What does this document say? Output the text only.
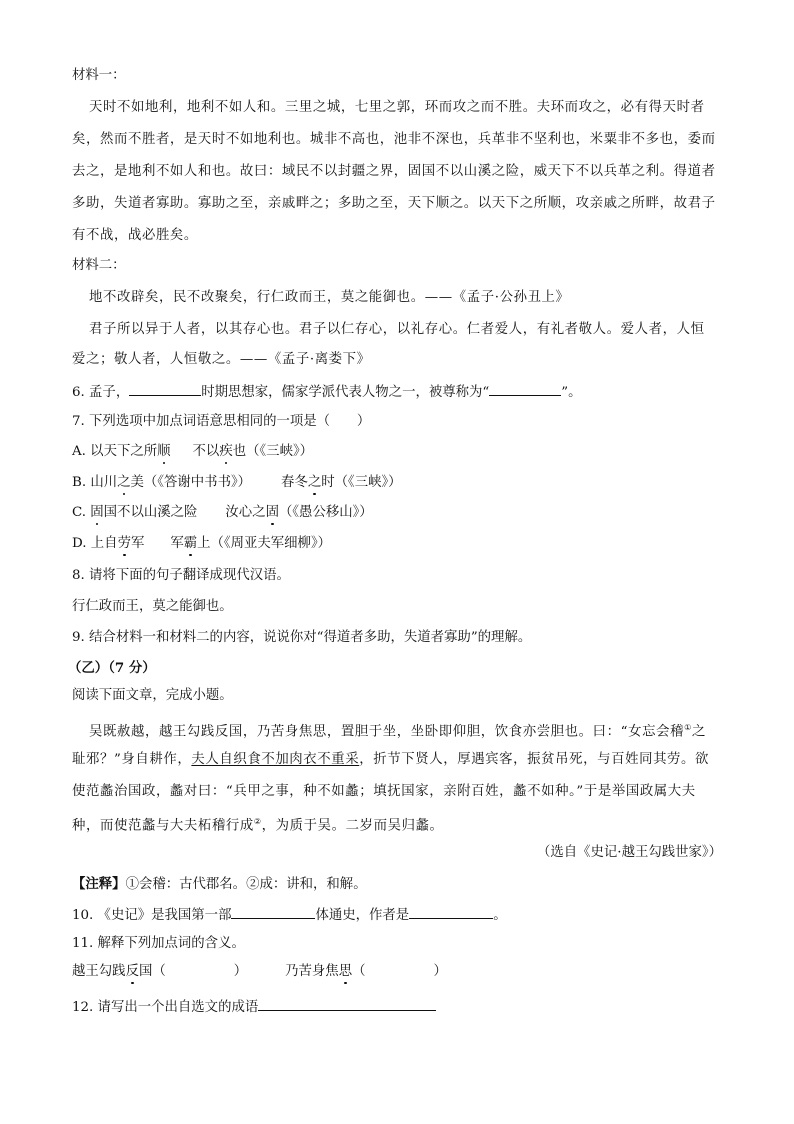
材料一：
天时不如地利，地利不如人和。三里之城，七里之郭，环而攻之而不胜。夫环而攻之，必有得天时者
矣，然而不胜者，是天时不如地利也。城非不高也，池非不深也，兵革非不坚利也，米粟非不多也，委而
去之，是地利不如人和也。故曰：域民不以封疆之界，固国不以山溪之险，威天下不以兵革之利。得道者
多助，失道者寡助。寡助之至，亲戚畔之；多助之至，天下顺之。以天下之所顺，攻亲戚之所畔，故君子
有不战，战必胜矣。
材料二：
地不改辟矣，民不改聚矣，行仁政而王，莫之能御也。——《孟子·公孙丑上》
君子所以异于人者，以其存心也。君子以仁存心，以礼存心。仁者爱人，有礼者敬人。爱人者，人恒
爱之；敬人者，人恒敬之。——《孟子·离娄下》
6. 孟子，	时期思想家，儒家学派代表人物之一，被尊称为“	”。
7. 下列选项中加点词语意思相同的一项是（　　）
A. 以天下之所顺 不以疾也（《三峡》）
B. 山川之美（《答谢中书书》） 春冬之时（《三峡》）
C. 固国不以山溪之险 汝心之固（《愚公移山》）
D. 上自劳军 军霸上（《周亚夫军细柳》）
8. 请将下面的句子翻译成现代汉语。
行仁政而王，莫之能御也。
9. 结合材料一和材料二的内容，说说你对“得道者多助，失道者寡助”的理解。
（乙）（7 分）
阅读下面文章，完成小题。
吴既赦越，越王勾践反国，乃苦身焦思，置胆于坐，坐卧即仰胆，饮食亦尝胆也。曰：“女忘会稽①之
耻邪？”身自耕作，夫人自织食不加肉衣不重采，折节下贤人，厚遇宾客，振贫吊死，与百姓同其劳。欲
使范蠡治国政，蠡对曰：“兵甲之事，种不如蠡；填抚国家，亲附百姓，蠡不如种。”于是举国政属大夫
种，而使范蠡与大夫柘稽行成②，为质于吴。二岁而吴归蠡。
（选自《史记·越王勾践世家》）
【注释】①会稽：古代郡名。②成：讲和，和解。
10. 《史记》是我国第一部	体通史，作者是	。
11. 解释下列加点词的含义。
越王勾践反国（	）	乃苦身焦思（	）
12. 请写出一个出自选文的成语
